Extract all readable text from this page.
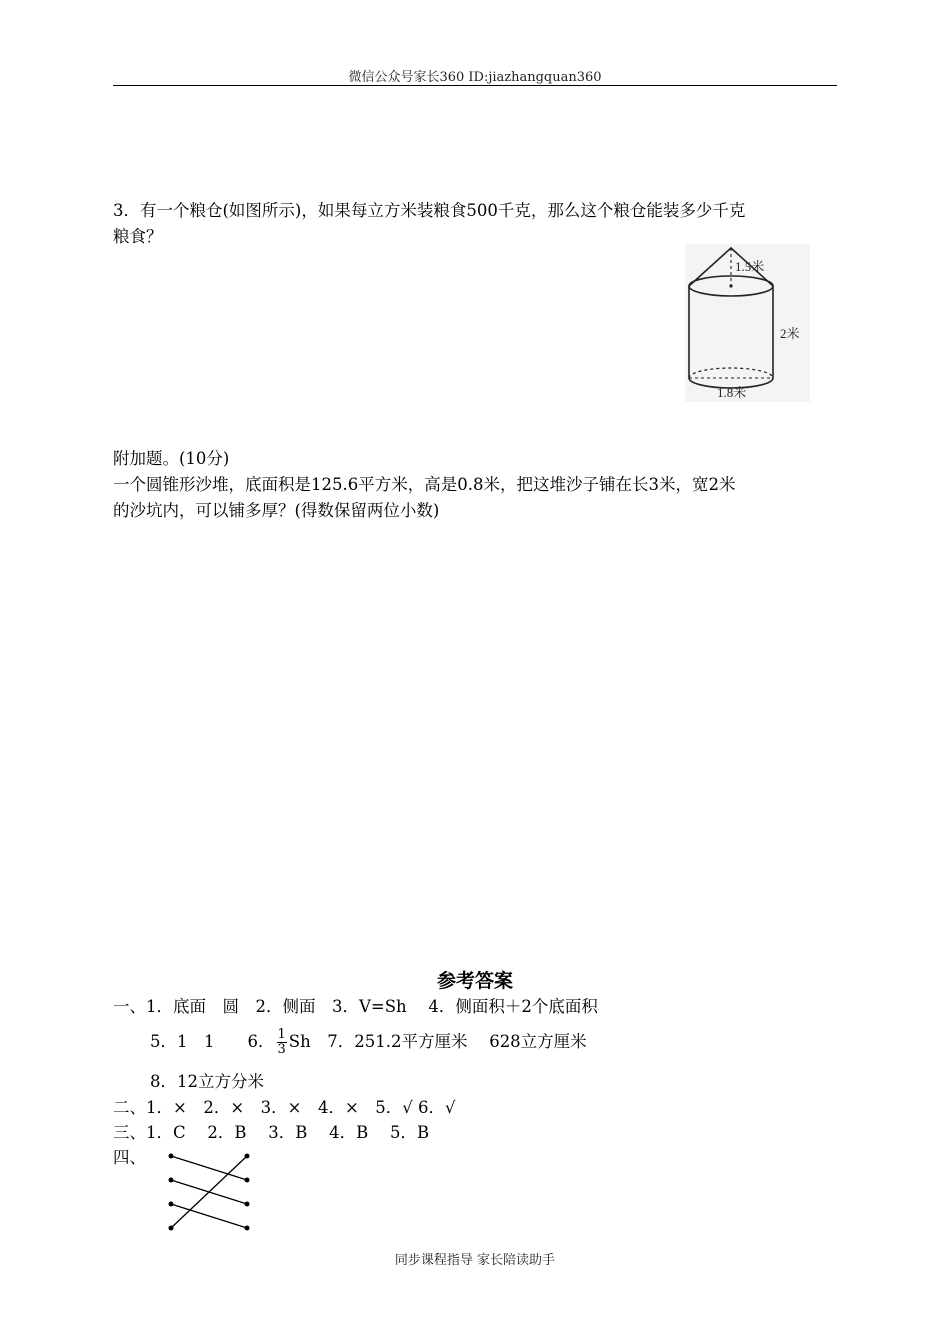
微信公众号家长360 ID:jiazhangquan360
3．有一个粮仓(如图所示)，如果每立方米装粮食500千克，那么这个粮仓能装多少千克
粮食？
1.5米
2米
1.8米
附加题。(10分)
一个圆锥形沙堆，底面积是125.6平方米，高是0.8米，把这堆沙子铺在长3米，宽2米
的沙坑内，可以铺多厚？(得数保留两位小数)
参考答案
一、1．底面　圆　2．侧面　3．V=Sh　 4．侧面积＋2个底面积
5．1　1　　6． $\frac{1}{3}$ Sh　7．251.2平方厘米　 628立方厘米
8．12立方分米
二、1．×　2．×　3．×　4．×　5．√ 6．√
三、1．C　 2．B　 3．B　 4．B　 5．B
四、
同步课程指导 家长陪读助手
